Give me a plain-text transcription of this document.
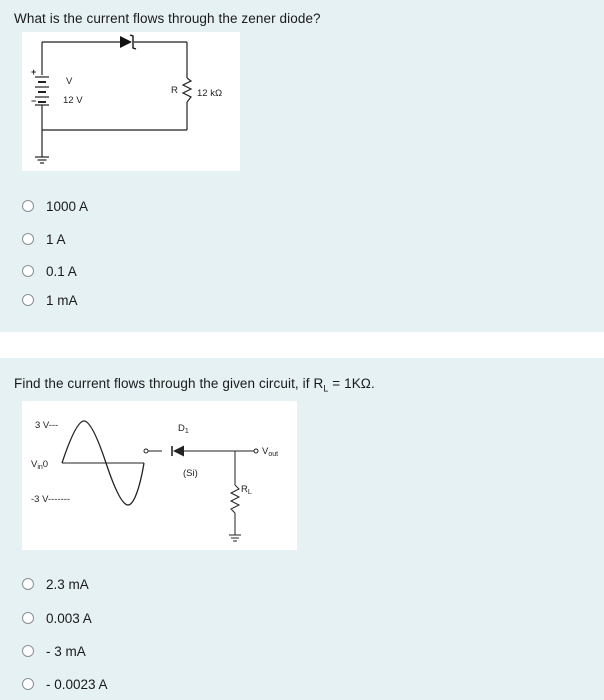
What is the current flows through the zener diode?
+
−
V
12 V
R 12 kΩ
1000 A
1 A
0.1 A
1 mA
Find the current flows through the given circuit, if $R_L = 1K\Omega$.
3 V---
$V_{in}0$
-3 V-------
$D_1$
(Si)
$V_{out}$
$R_L$
2.3 mA
0.003 A
- 3 mA
- 0.0023 A
